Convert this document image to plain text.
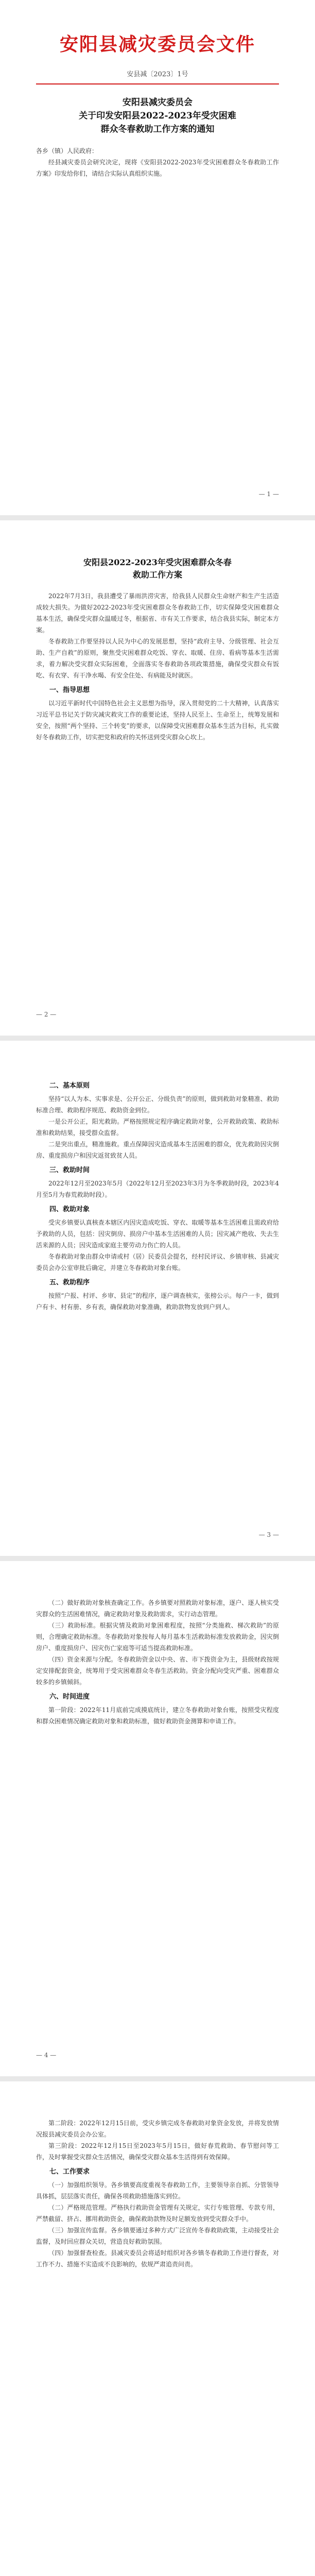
安阳县减灾委员会文件
安县减〔2023〕1号
安阳县减灾委员会
关于印发安阳县2022-2023年受灾困难
群众冬春救助工作方案的通知

各乡（镇）人民政府：

经县减灾委员会研究决定，现将《安阳县2022-2023年受灾困难群众冬春救助工作方案》印发给你们，请结合实际认真组织实施。

— 1 —
安阳县2022-2023年受灾困难群众冬春
救助工作方案

2022年7月3日，我县遭受了暴雨洪涝灾害，给我县人民群众生命财产和生产生活造成较大损失。为做好2022-2023年受灾困难群众冬春救助工作，切实保障受灾困难群众基本生活，确保受灾群众温暖过冬，根据省、市有关工作要求，结合我县实际，制定本方案。

冬春救助工作要坚持以人民为中心的发展思想，坚持“政府主导、分级管理、社会互助、生产自救”的原则，聚焦受灾困难群众吃饭、穿衣、取暖、住房、看病等基本生活需求，着力解决受灾群众实际困难，全面落实冬春救助各项政策措施，确保受灾群众有饭吃、有衣穿、有干净水喝、有安全住处、有病能及时就医。

一、指导思想

以习近平新时代中国特色社会主义思想为指导，深入贯彻党的二十大精神，认真落实习近平总书记关于防灾减灾救灾工作的重要论述，坚持人民至上、生命至上，统筹发展和安全，按照“两个坚持、三个转变”的要求，以保障受灾困难群众基本生活为目标，扎实做好冬春救助工作，切实把党和政府的关怀送到受灾群众心坎上。

— 2 —
二、基本原则

坚持“以人为本、实事求是、公开公正、分级负责”的原则，做到救助对象精准、救助标准合理、救助程序规范、救助资金到位。

一是公开公正，阳光救助。严格按照规定程序确定救助对象，公开救助政策、救助标准和救助结果，接受群众监督。

二是突出重点，精准施救。重点保障因灾造成基本生活困难的群众，优先救助因灾倒房、重度损房户和因灾返贫致贫人员。

三、救助时间

2022年12月至2023年5月（2022年12月至2023年3月为冬季救助时段，2023年4月至5月为春荒救助时段）。

四、救助对象

受灾乡镇要认真核查本辖区内因灾造成吃饭、穿衣、取暖等基本生活困难且需政府给予救助的人员，包括：因灾倒房、损房户中基本生活困难的人员；因灾减产绝收、失去生活来源的人员；因灾造成家庭主要劳动力伤亡的人员。

冬春救助对象由群众申请或村（居）民委员会提名，经村民评议、乡镇审核、县减灾委员会办公室审批后确定，并建立冬春救助对象台账。

五、救助程序

按照“户报、村评、乡审、县定”的程序，逐户调查核实，张榜公示。每户一卡，做到户有卡、村有册、乡有表，确保救助对象准确，救助款物发放到户到人。

— 3 —

（二）做好救助对象核查确定工作。各乡镇要对照救助对象标准，逐户、逐人核实受灾群众的生活困难情况，确定救助对象及救助需求，实行动态管理。

（三）救助标准。根据灾情及救助对象困难程度，按照“分类施救、梯次救助”的原则，合理确定救助标准。冬春救助对象按每人每月基本生活救助标准发放救助金，因灾倒房户、重度损房户、因灾伤亡家庭等可适当提高救助标准。

（四）资金来源与分配。冬春救助资金以中央、省、市下拨资金为主，县级财政按规定安排配套资金，统筹用于受灾困难群众冬春生活救助。资金分配向受灾严重、困难群众较多的乡镇倾斜。

六、时间进度

第一阶段：2022年11月底前完成摸底统计，建立冬春救助对象台账，按照受灾程度和群众困难情况确定救助对象和救助标准，做好救助资金测算和申请工作。

— 4 —

第二阶段：2022年12月15日前，受灾乡镇完成冬春救助对象资金发放，并将发放情况报县减灾委员会办公室。

第三阶段：2022年12月15日至2023年5月15日，做好春荒救助、春节慰问等工作，及时掌握受灾群众生活情况，确保受灾群众基本生活得到有效保障。

七、工作要求

（一）加强组织领导。各乡镇要高度重视冬春救助工作，主要领导亲自抓、分管领导具体抓，层层落实责任，确保各项救助措施落实到位。

（二）严格规范管理。严格执行救助资金管理有关规定，实行专账管理、专款专用，严禁截留、挤占、挪用救助资金，确保救助款物及时足额发放到受灾群众手中。

（三）加强宣传监督。各乡镇要通过多种方式广泛宣传冬春救助政策，主动接受社会监督，及时回应群众关切，营造良好救助氛围。

（四）加强督查检查。县减灾委员会将适时组织对各乡镇冬春救助工作进行督查，对工作不力、措施不实造成不良影响的，依规严肃追责问责。
